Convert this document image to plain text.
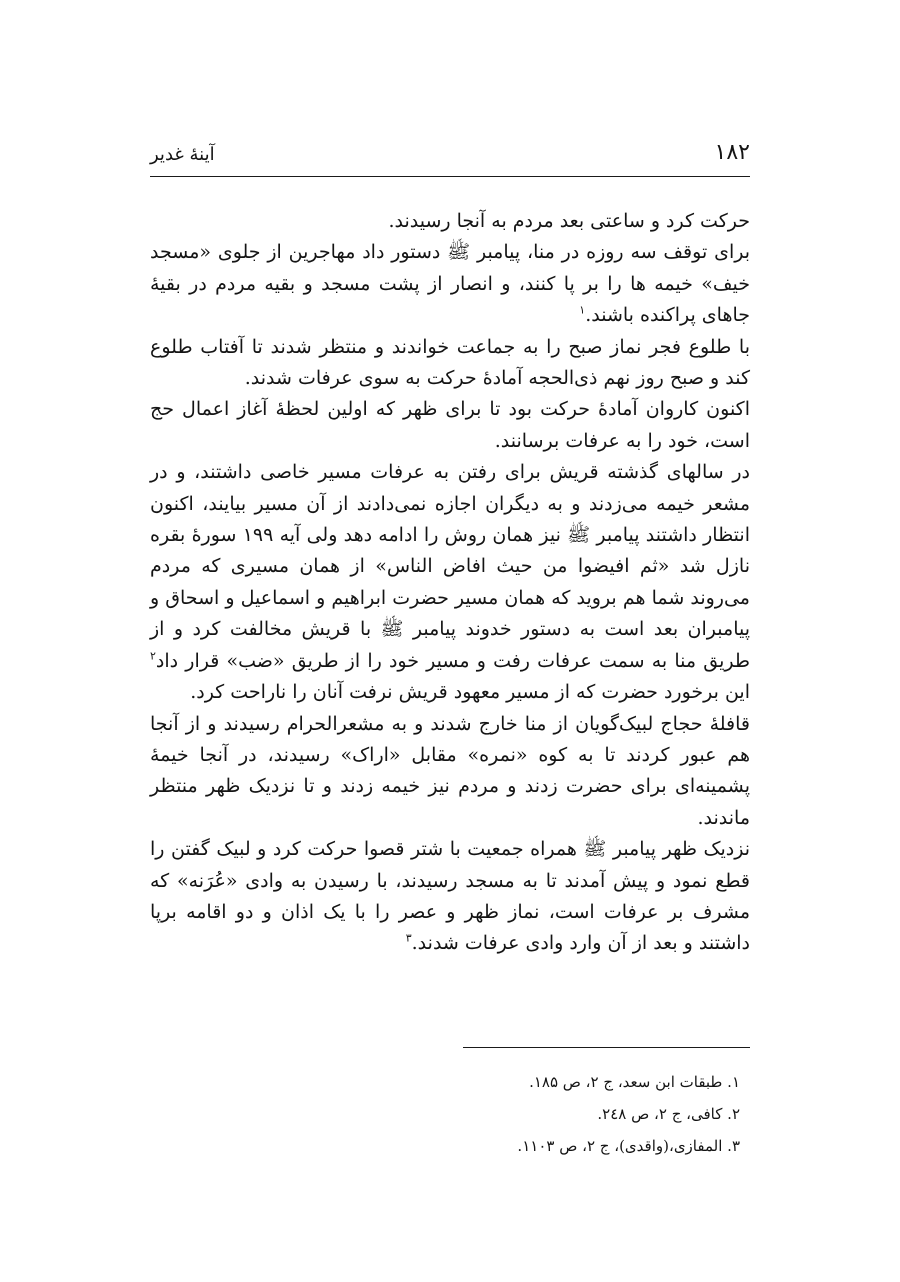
۱۸۲
آینهٔ غدیر

حرکت کرد و ساعتی بعد مردم به آنجا رسیدند.

برای توقف سه روزه در منا، پیامبر ﷺ دستور داد مهاجرین از جلوی «مسجد خیف» خیمه ها را بر پا کنند، و انصار از پشت مسجد و بقیه مردم در بقیهٔ جاهای پراکنده باشند.$^۱$

با طلوع فجر نماز صبح را به جماعت خواندند و منتظر شدند تا آفتاب طلوع کند و صبح روز نهم ذی‌الحجه آمادهٔ حرکت به سوی عرفات شدند.

اکنون کاروان آمادهٔ حرکت بود تا برای ظهر که اولین لحظهٔ آغاز اعمال حج است، خود را به عرفات برسانند.

در سالهای گذشته قریش برای رفتن به عرفات مسیر خاصی داشتند، و در مشعر خیمه می‌زدند و به دیگران اجازه نمی‌دادند از آن مسیر بیایند، اکنون انتظار داشتند پیامبر ﷺ نیز همان روش را ادامه دهد ولی آیه ۱۹۹ سورهٔ بقره نازل شد «ثم افیضوا من حیث افاض الناس» از همان مسیری که مردم می‌روند شما هم بروید که همان مسیر حضرت ابراهیم و اسماعیل و اسحاق و پیامبران بعد است به دستور خدوند پیامبر ﷺ با قریش مخالفت کرد و از طریق منا به سمت عرفات رفت و مسیر خود را از طریق «ضب» قرار داد$^۲$ این برخورد حضرت که از مسیر معهود قریش نرفت آنان را ناراحت کرد.

قافلهٔ حجاج لبیک‌گویان از منا خارج شدند و به مشعرالحرام رسیدند و از آنجا هم عبور کردند تا به کوه «نمره» مقابل «اراک» رسیدند، در آنجا خیمهٔ پشمینه‌ای برای حضرت زدند و مردم نیز خیمه زدند و تا نزدیک ظهر منتظر ماندند.

نزدیک ظهر پیامبر ﷺ همراه جمعیت با شتر قصوا حرکت کرد و لبیک گفتن را قطع نمود و پیش آمدند تا به مسجد رسیدند، با رسیدن به وادی «عُرَنه» که مشرف بر عرفات است، نماز ظهر و عصر را با یک اذان و دو اقامه برپا داشتند و بعد از آن وارد وادی عرفات شدند.$^۳$

۱. طبقات ابن سعد، ج ۲، ص ۱۸۵.

۲. کافی، ج ۲، ص ۲٤۸.

۳. المفازی،(واقدی)، ج ۲، ص ۱۱۰۳.
